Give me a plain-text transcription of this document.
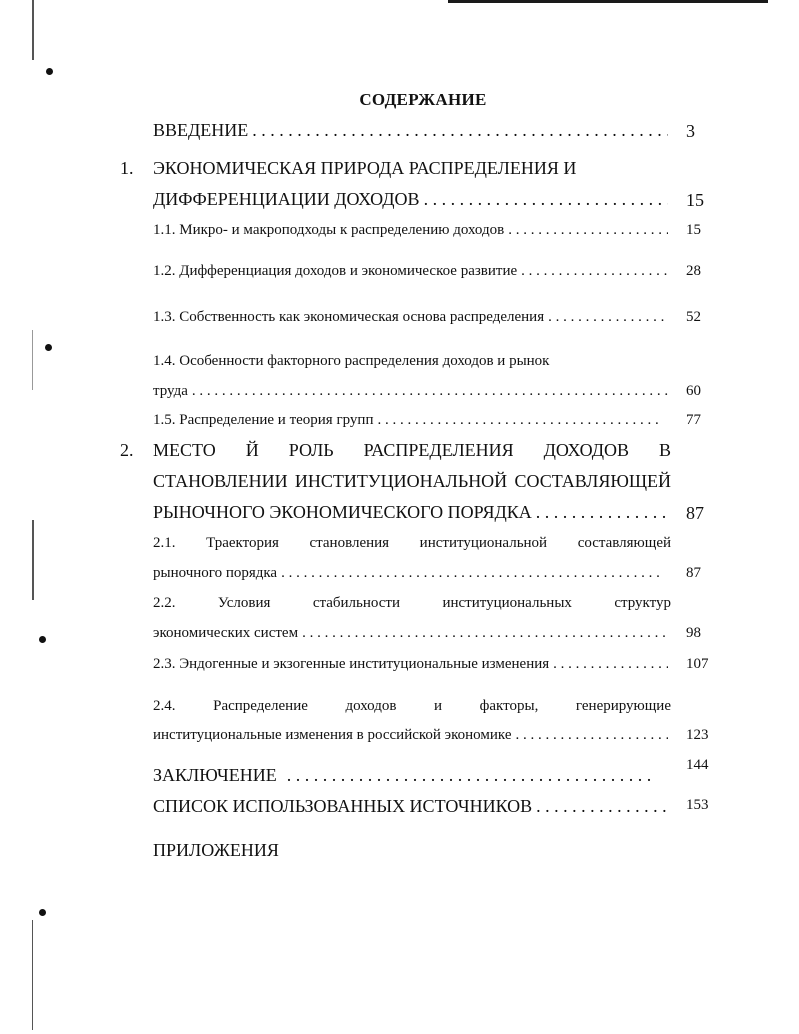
СОДЕРЖАНИЕ
ВВЕДЕНИЕ . . .	3
1. ЭКОНОМИЧЕСКАЯ ПРИРОДА РАСПРЕДЕЛЕНИЯ И
ДИФФЕРЕНЦИАЦИИ ДОХОДОВ . . .	15
1.1. Микро- и макроподходы к распределению доходов . . .	15
1.2. Дифференциация доходов и экономическое развитие . . .	28
1.3. Собственность как экономическая основа распределения . . .	52
1.4. Особенности факторного распределения доходов и рынок
труда . . .	60
1.5. Распределение и теория групп . . .	77
2. МЕСТО Й РОЛЬ РАСПРЕДЕЛЕНИЯ ДОХОДОВ В
СТАНОВЛЕНИИ ИНСТИТУЦИОНАЛЬНОЙ СОСТАВЛЯЮЩЕЙ
РЫНОЧНОГО ЭКОНОМИЧЕСКОГО ПОРЯДКА . . .	87
2.1. Траектория становления институциональной составляющей
рыночного порядка . . .	87
2.2. Условия стабильности институциональных структур
экономических систем . . .	98
2.3. Эндогенные и экзогенные институциональные изменения . . .	107
2.4. Распределение доходов и факторы, генерирующие
институциональные изменения в российской экономике . . .	123
ЗАКЛЮЧЕНИЕ . . .	144
СПИСОК ИСПОЛЬЗОВАННЫХ ИСТОЧНИКОВ . . .	153
ПРИЛОЖЕНИЯ
